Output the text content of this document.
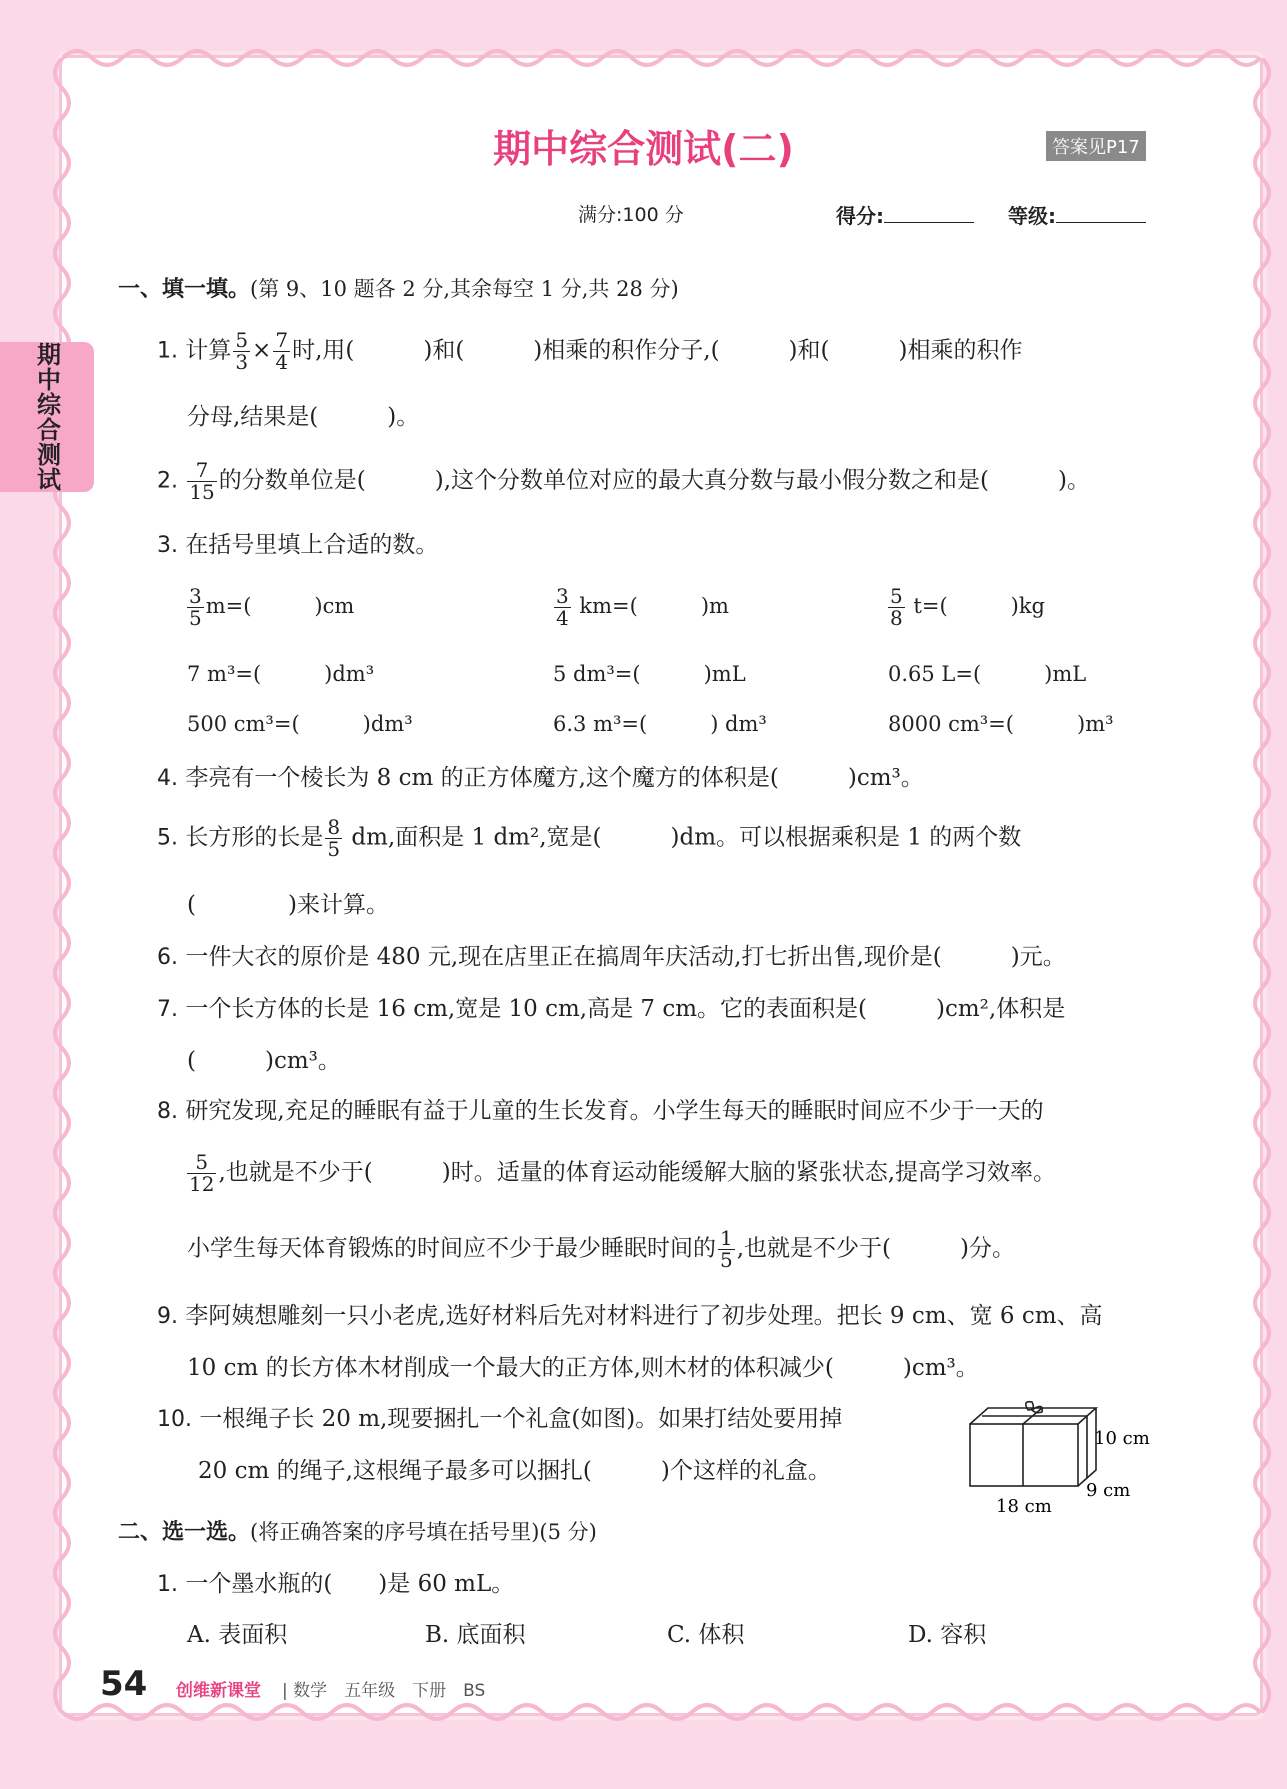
期中综合测试
期中综合测试(二)	答案见P17
满分:100 分	得分:	等级:
一、填一填。(第 9、10 题各 2 分,其余每空 1 分,共 28 分)
1. 计算 $\frac{5}{3} \times \frac{7}{4}$ 时,用(　　　)和(　　　)相乘的积作分子,(　　　)和(　　　)相乘的积作
分母,结果是(　　　)。
2. $\frac{7}{15}$ 的分数单位是(　　　),这个分数单位对应的最大真分数与最小假分数之和是(　　　)。
3. 在括号里填上合适的数。
$\frac{3}{5} m=$(　　　)cm	$\frac{3}{4} km=$(　　　)m	$\frac{5}{8} t=$(　　　)kg
7 m³=(　　　)dm³	5 dm³=(　　　)mL	0.65 L=(　　　)mL
500 cm³=(　　　)dm³	6.3 m³=(　　　) dm³	8000 cm³=(　　　)m³
4. 李亮有一个棱长为 8 cm 的正方体魔方,这个魔方的体积是(　　　)cm³。
5. 长方形的长是 $\frac{8}{5}$ dm,面积是 1 dm²,宽是(　　　)dm。可以根据乘积是 1 的两个数
(　　　　)来计算。
6. 一件大衣的原价是 480 元,现在店里正在搞周年庆活动,打七折出售,现价是(　　　)元。
7. 一个长方体的长是 16 cm,宽是 10 cm,高是 7 cm。它的表面积是(　　　)cm²,体积是
(　　　)cm³。
8. 研究发现,充足的睡眠有益于儿童的生长发育。小学生每天的睡眠时间应不少于一天的
$\frac{5}{12}$ ,也就是不少于(　　　)时。适量的体育运动能缓解大脑的紧张状态,提高学习效率。
小学生每天体育锻炼的时间应不少于最少睡眠时间的 $\frac{1}{5}$ ,也就是不少于(　　　)分。
9. 李阿姨想雕刻一只小老虎,选好材料后先对材料进行了初步处理。把长 9 cm、宽 6 cm、高
10 cm 的长方体木材削成一个最大的正方体,则木材的体积减少(　　　)cm³。
10. 一根绳子长 20 m,现要捆扎一个礼盒(如图)。如果打结处要用掉
20 cm 的绳子,这根绳子最多可以捆扎(　　　)个这样的礼盒。
10 cm
9 cm
18 cm
二、选一选。(将正确答案的序号填在括号里)(5 分)
1. 一个墨水瓶的(　　)是 60 mL。
A. 表面积	B. 底面积	C. 体积	D. 容积
54 创维新课堂 | 数学　五年级　下册　BS
